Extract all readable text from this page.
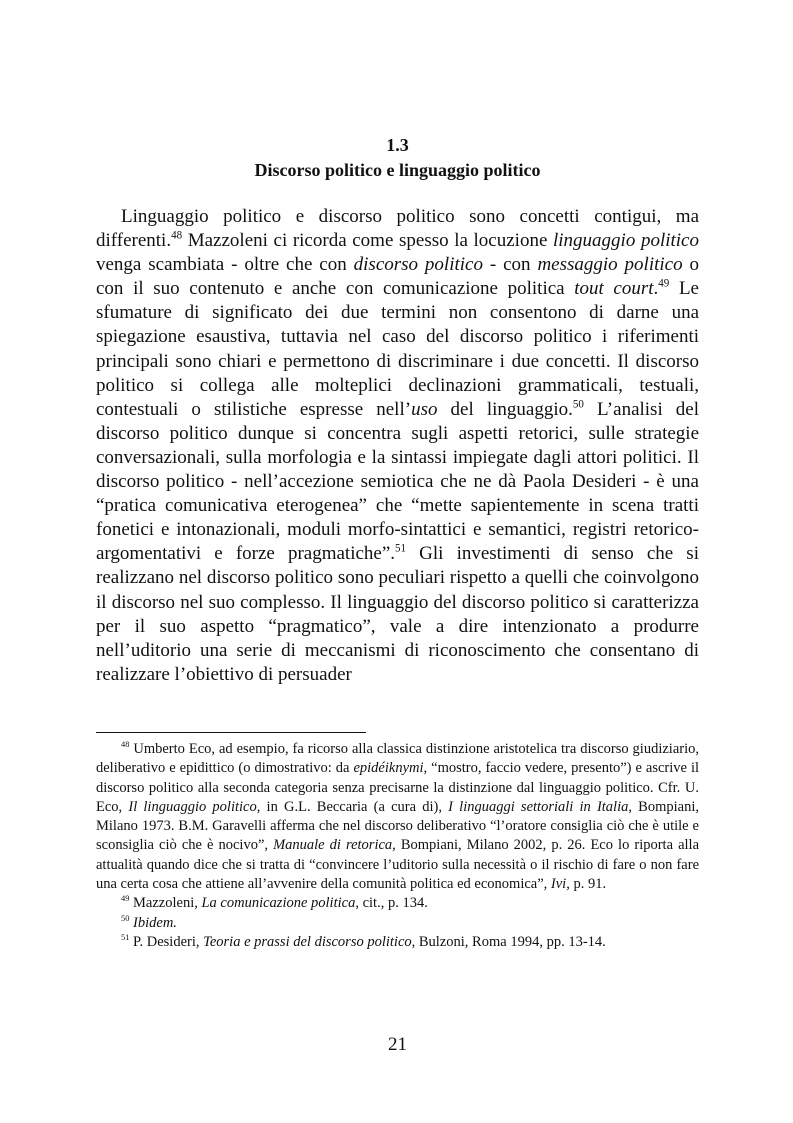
1.3
Discorso politico e linguaggio politico

Linguaggio politico e discorso politico sono concetti contigui, ma differenti.$^{48}$ Mazzoleni ci ricorda come spesso la locuzione linguaggio politico venga scambiata - oltre che con discorso politico - con messaggio politico o con il suo contenuto e anche con comunicazione politica tout court.$^{49}$ Le sfumature di significato dei due termini non consentono di darne una spiegazione esaustiva, tuttavia nel caso del discorso politico i riferimenti principali sono chiari e permettono di discriminare i due concetti. Il discorso politico si collega alle molteplici declinazioni grammaticali, testuali, contestuali o stilistiche espresse nell’uso del linguaggio.$^{50}$ L’analisi del discorso politico dunque si concentra sugli aspetti retorici, sulle strategie conversazionali, sulla morfologia e la sintassi impiegate dagli attori politici. Il discorso politico - nell’accezione semiotica che ne dà Paola Desideri - è una “pratica comunicativa eterogenea” che “mette sapientemente in scena tratti fonetici e intonazionali, moduli morfo-sintattici e semantici, registri retorico-argomentativi e forze pragmatiche”.$^{51}$ Gli investimenti di senso che si realizzano nel discorso politico sono peculiari rispetto a quelli che coinvolgono il discorso nel suo complesso. Il linguaggio del discorso politico si caratterizza per il suo aspetto “pragmatico”, vale a dire intenzionato a produrre nell’uditorio una serie di meccanismi di riconoscimento che consentano di realizzare l’obiettivo di persuader

$^{48}$ Umberto Eco, ad esempio, fa ricorso alla classica distinzione aristotelica tra discorso giudiziario, deliberativo e epidittico (o dimostrativo: da epidéiknymi, “mostro, faccio vedere, presento”) e ascrive il discorso politico alla seconda categoria senza precisarne la distinzione dal linguaggio politico. Cfr. U. Eco, Il linguaggio politico, in G.L. Beccaria (a cura di), I linguaggi settoriali in Italia, Bompiani, Milano 1973. B.M. Garavelli afferma che nel discorso deliberativo “l’oratore consiglia ciò che è utile e sconsiglia ciò che è nocivo”, Manuale di retorica, Bompiani, Milano 2002, p. 26. Eco lo riporta alla attualità quando dice che si tratta di “convincere l’uditorio sulla necessità o il rischio di fare o non fare una certa cosa che attiene all’avvenire della comunità politica ed economica”, Ivi, p. 91.

$^{49}$ Mazzoleni, La comunicazione politica, cit., p. 134.

$^{50}$ Ibidem.

$^{51}$ P. Desideri, Teoria e prassi del discorso politico, Bulzoni, Roma 1994, pp. 13-14.

21
